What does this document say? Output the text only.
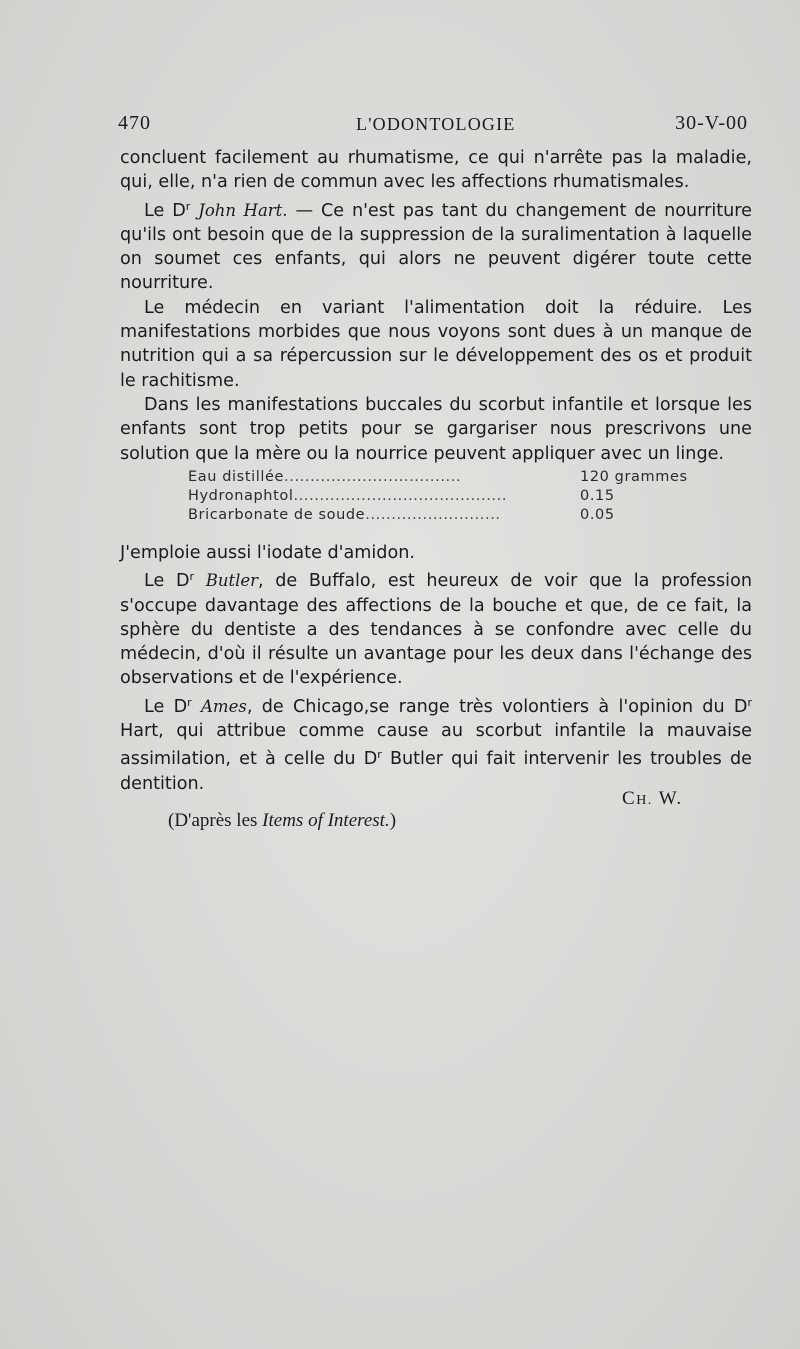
470	L'ODONTOLOGIE	30-V-00

concluent facilement au rhumatisme, ce qui n'arrête pas la maladie, qui, elle, n'a rien de commun avec les affections rhumatismales.

Le $D^r$ John Hart. — Ce n'est pas tant du changement de nourriture qu'ils ont besoin que de la suppression de la suralimentation à laquelle on soumet ces enfants, qui alors ne peuvent digérer toute cette nourriture.

Le médecin en variant l'alimentation doit la réduire. Les manifestations morbides que nous voyons sont dues à un manque de nutrition qui a sa répercussion sur le développement des os et produit le rachitisme.

Dans les manifestations buccales du scorbut infantile et lorsque les enfants sont trop petits pour se gargariser nous prescrivons une solution que la mère ou la nourrice peuvent appliquer avec un linge.

Eau distillée..................................	120 grammes
Hydronaphtol.........................................	0.15
Bricarbonate de soude..........................	0.05

J'emploie aussi l'iodate d'amidon.

Le $D^r$ Butler, de Buffalo, est heureux de voir que la profession s'occupe davantage des affections de la bouche et que, de ce fait, la sphère du dentiste a des tendances à se confondre avec celle du médecin, d'où il résulte un avantage pour les deux dans l'échange des observations et de l'expérience.

Le $D^r$ Ames, de Chicago,se range très volontiers à l'opinion du $D^r$ Hart, qui attribue comme cause au scorbut infantile la mauvaise assimilation, et à celle du $D^r$ Butler qui fait intervenir les troubles de dentition.

CH. W.
(D'après les Items of Interest.)
